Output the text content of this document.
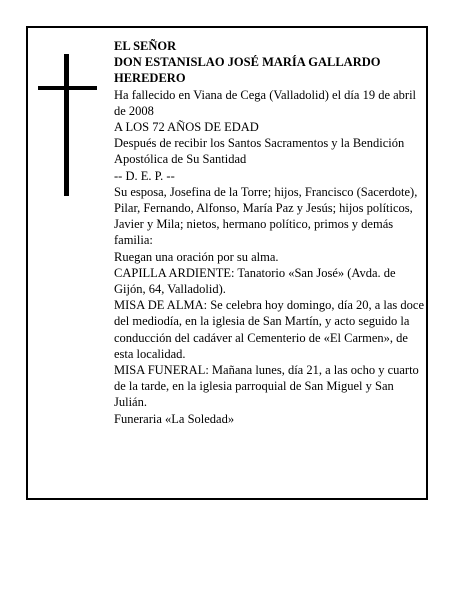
EL SEÑOR

DON ESTANISLAO JOSÉ MARÍA GALLARDO

HEREDERO

Ha fallecido en Viana de Cega (Valladolid) el día 19 de abril de 2008

A LOS 72 AÑOS DE EDAD

Después de recibir los Santos Sacramentos y la Bendición Apostólica de Su Santidad

-- D. E. P. --

Su esposa, Josefina de la Torre; hijos, Francisco (Sacerdote), Pilar, Fernando, Alfonso, María Paz y Jesús; hijos políticos, Javier y Mila; nietos, hermano político, primos y demás familia:

Ruegan una oración por su alma.

CAPILLA ARDIENTE: Tanatorio «San José» (Avda. de Gijón, 64, Valladolid).

MISA DE ALMA: Se celebra hoy domingo, día 20, a las doce del mediodía, en la iglesia de San Martín, y acto seguido la conducción del cadáver al Cementerio de «El Carmen», de esta localidad.

MISA FUNERAL: Mañana lunes, día 21, a las ocho y cuarto de la tarde, en la iglesia parroquial de San Miguel y San Julián.

Funeraria «La Soledad»
